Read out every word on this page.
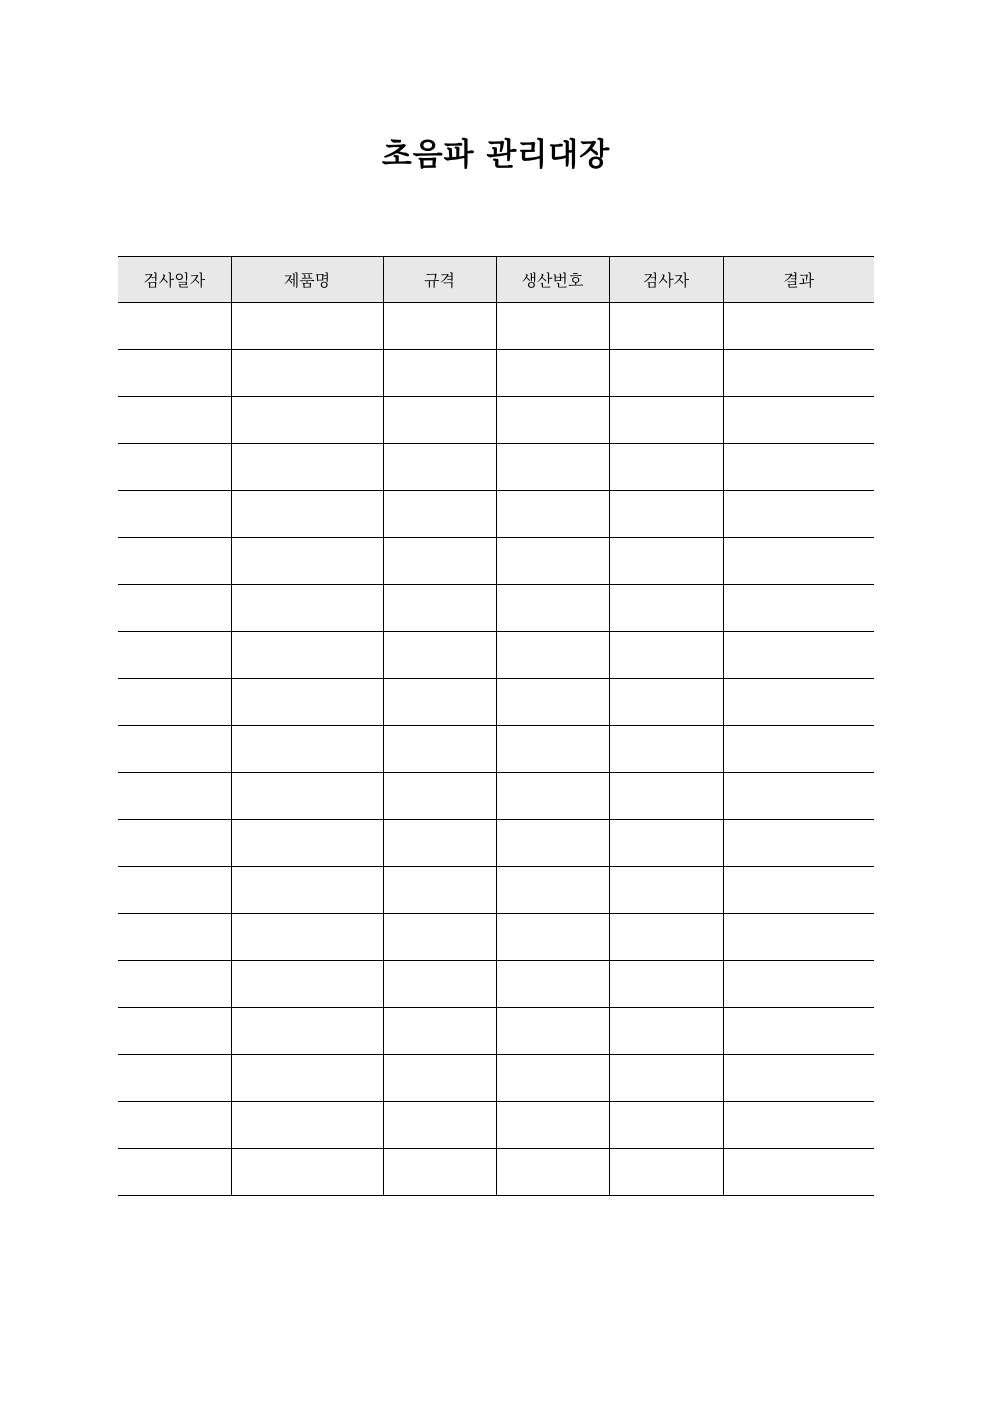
초음파 관리대장
검사일자	제품명	규격	생산번호	검사자	결과
